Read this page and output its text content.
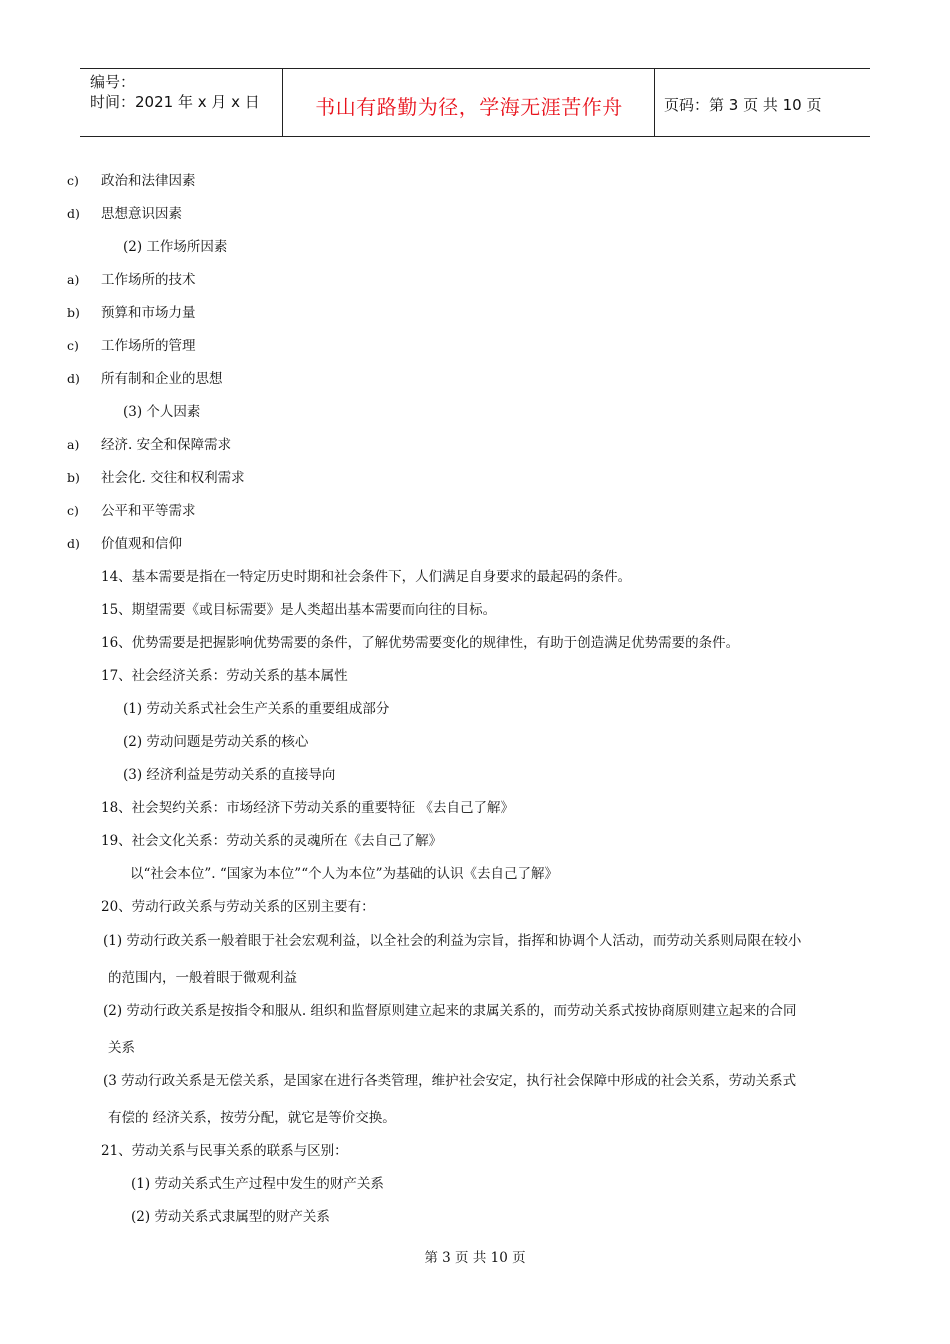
编号：
时间：2021 年 x 月 x 日	书山有路勤为径，学海无涯苦作舟	页码：第 3 页 共 10 页
c) 政治和法律因素
d) 思想意识因素
(2) 工作场所因素
a) 工作场所的技术
b) 预算和市场力量
c) 工作场所的管理
d) 所有制和企业的思想
(3) 个人因素
a) 经济. 安全和保障需求
b) 社会化. 交往和权利需求
c) 公平和平等需求
d) 价值观和信仰
14、基本需要是指在一特定历史时期和社会条件下，人们满足自身要求的最起码的条件。
15、期望需要《或目标需要》是人类超出基本需要而向往的目标。
16、优势需要是把握影响优势需要的条件，了解优势需要变化的规律性，有助于创造满足优势需要的条件。
17、社会经济关系：劳动关系的基本属性
(1) 劳动关系式社会生产关系的重要组成部分
(2) 劳动问题是劳动关系的核心
(3) 经济利益是劳动关系的直接导向
18、社会契约关系：市场经济下劳动关系的重要特征 《去自己了解》
19、社会文化关系：劳动关系的灵魂所在《去自己了解》
以“社会本位”. “国家为本位”“个人为本位”为基础的认识《去自己了解》
20、劳动行政关系与劳动关系的区别主要有：
(1) 劳动行政关系一般着眼于社会宏观利益，以全社会的利益为宗旨，指挥和协调个人活动，而劳动关系则局限在较小
的范围内，一般着眼于微观利益
(2) 劳动行政关系是按指令和服从. 组织和监督原则建立起来的隶属关系的，而劳动关系式按协商原则建立起来的合同
关系
(3 劳动行政关系是无偿关系，是国家在进行各类管理，维护社会安定，执行社会保障中形成的社会关系，劳动关系式
有偿的 经济关系，按劳分配，就它是等价交换。
21、劳动关系与民事关系的联系与区别：
(1) 劳动关系式生产过程中发生的财产关系
(2) 劳动关系式隶属型的财产关系
第 3 页 共 10 页
